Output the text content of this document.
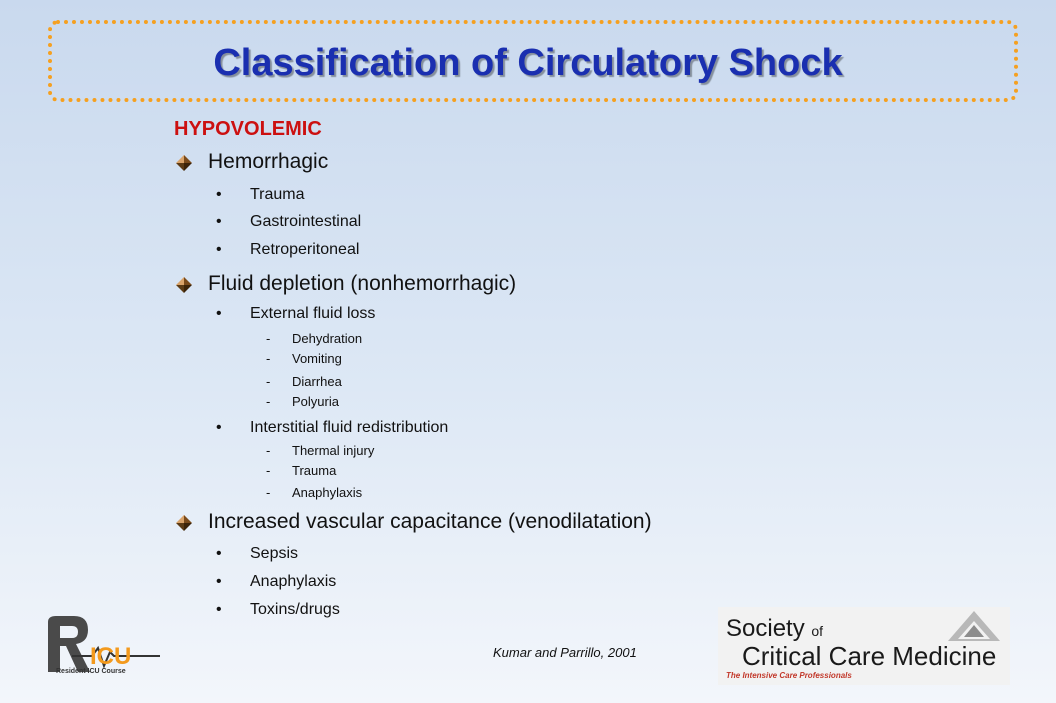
Classification of Circulatory Shock
HYPOVOLEMIC
Hemorrhagic
• Trauma
• Gastrointestinal
• Retroperitoneal
Fluid depletion (nonhemorrhagic)
• External fluid loss
- Dehydration
- Vomiting
- Diarrhea
- Polyuria
• Interstitial fluid redistribution
- Thermal injury
- Trauma
- Anaphylaxis
Increased vascular capacitance (venodilatation)
• Sepsis
• Anaphylaxis
• Toxins/drugs
Kumar and Parrillo, 2001
ICU
Resident ICU Course
Society of
Critical Care Medicine
The Intensive Care Professionals
